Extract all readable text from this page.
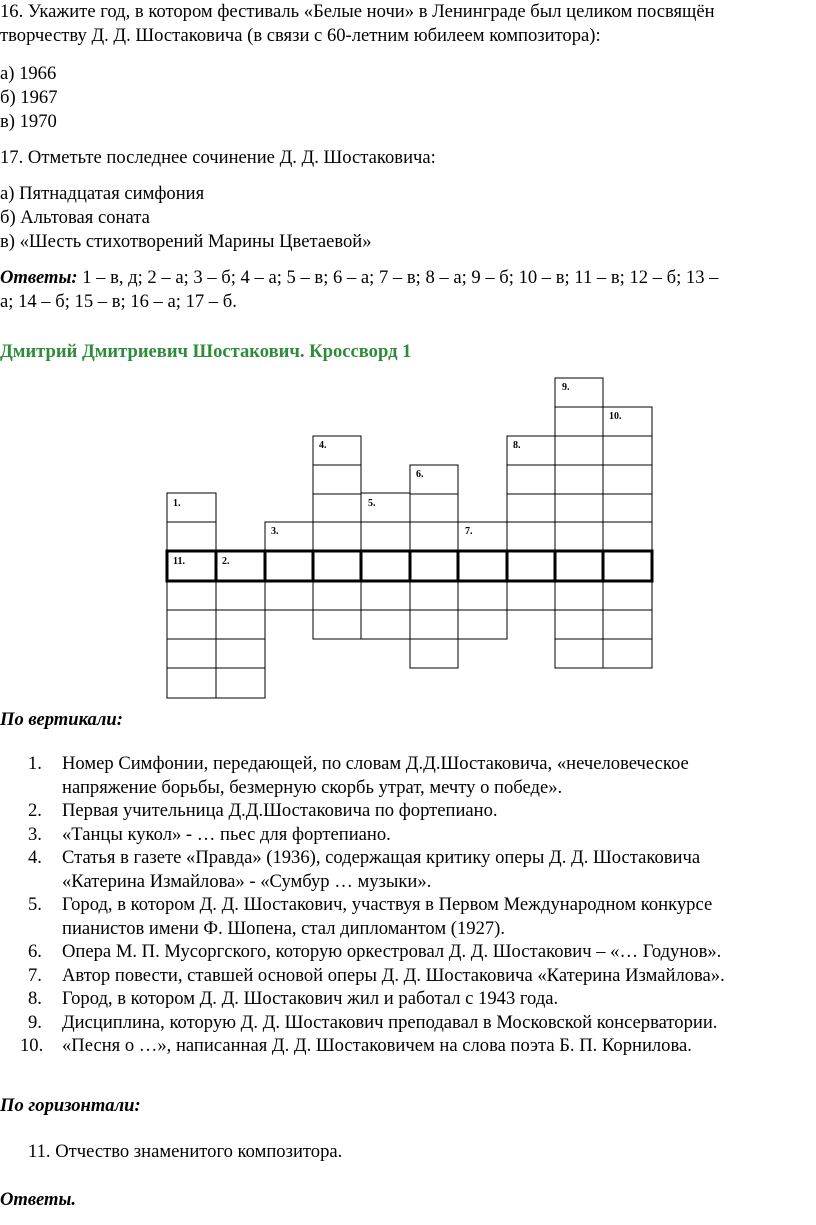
16. Укажите год, в котором фестиваль «Белые ночи» в Ленинграде был целиком посвящён
творчеству Д. Д. Шостаковича (в связи с 60-летним юбилеем композитора):
а) 1966
б) 1967
в) 1970
17. Отметьте последнее сочинение Д. Д. Шостаковича:
а) Пятнадцатая симфония
б) Альтовая соната
в) «Шесть стихотворений Марины Цветаевой»
Ответы: 1 – в, д; 2 – а; 3 – б; 4 – а; 5 – в; 6 – а; 7 – в; 8 – а; 9 – б; 10 – в; 11 – в; 12 – б; 13 –
а; 14 – б; 15 – в; 16 – а; 17 – б.
Дмитрий Дмитриевич Шостакович. Кроссворд 1
1.
2.
3.
4.
5.
6.
7.
8.
9.
10.
11.
По вертикали:
1. Номер Симфонии, передающей, по словам Д.Д.Шостаковича, «нечеловеческое
напряжение борьбы, безмерную скорбь утрат, мечту о победе».
2. Первая учительница Д.Д.Шостаковича по фортепиано.
3. «Танцы кукол» - … пьес для фортепиано.
4. Статья в газете «Правда» (1936), содержащая критику оперы Д. Д. Шостаковича
«Катерина Измайлова» - «Сумбур … музыки».
5. Город, в котором Д. Д. Шостакович, участвуя в Первом Международном конкурсе
пианистов имени Ф. Шопена, стал дипломантом (1927).
6. Опера М. П. Мусоргского, которую оркестровал Д. Д. Шостакович – «… Годунов».
7. Автор повести, ставшей основой оперы Д. Д. Шостаковича «Катерина Измайлова».
8. Город, в котором Д. Д. Шостакович жил и работал с 1943 года.
9. Дисциплина, которую Д. Д. Шостакович преподавал в Московской консерватории.
10. «Песня о …», написанная Д. Д. Шостаковичем на слова поэта Б. П. Корнилова.
По горизонтали:
11. Отчество знаменитого композитора.
Ответы.
